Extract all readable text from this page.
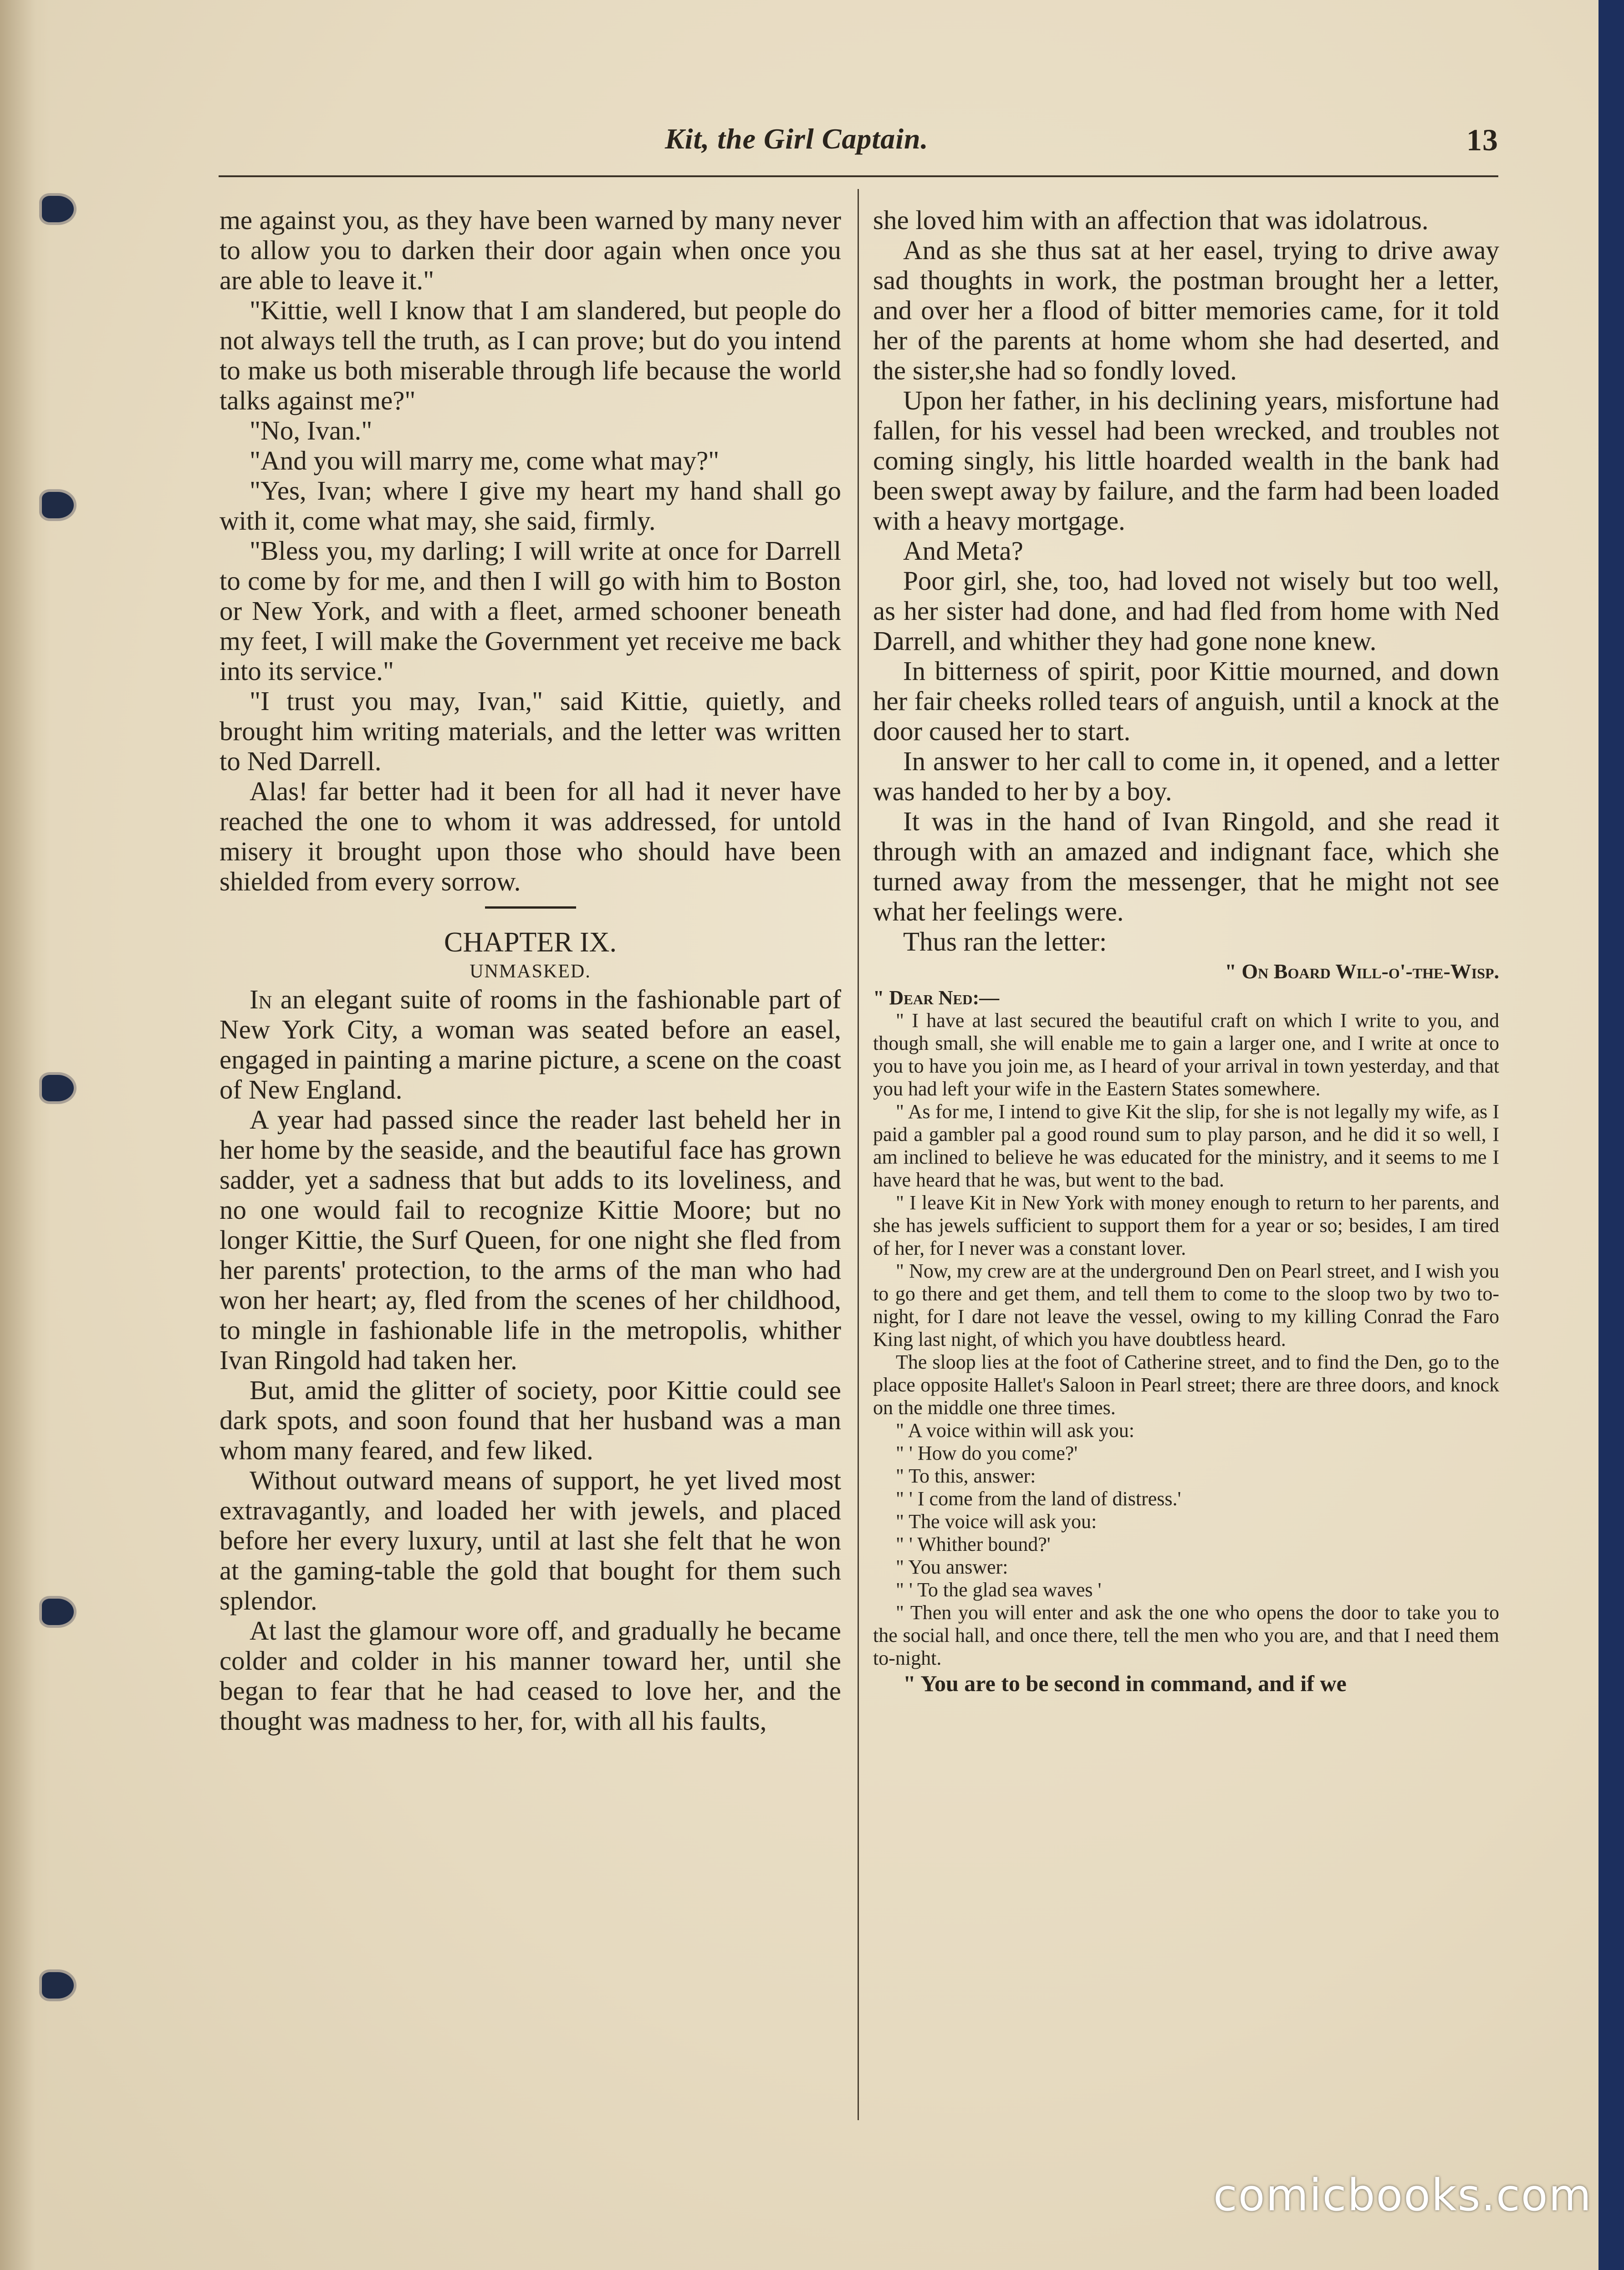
Kit, the Girl Captain.	13

me against you, as they have been warned by many never to allow you to darken their door again when once you are able to leave it."

"Kittie, well I know that I am slandered, but people do not always tell the truth, as I can prove; but do you intend to make us both miserable through life because the world talks against me?"

"No, Ivan."

"And you will marry me, come what may?"

"Yes, Ivan; where I give my heart my hand shall go with it, come what may, she said, firmly.

"Bless you, my darling; I will write at once for Darrell to come by for me, and then I will go with him to Boston or New York, and with a fleet, armed schooner beneath my feet, I will make the Government yet receive me back into its service."

"I trust you may, Ivan," said Kittie, quietly, and brought him writing materials, and the letter was written to Ned Darrell.

Alas! far better had it been for all had it never have reached the one to whom it was addressed, for untold misery it brought upon those who should have been shielded from every sorrow.

CHAPTER IX.

UNMASKED.

In an elegant suite of rooms in the fashionable part of New York City, a woman was seated before an easel, engaged in painting a marine picture, a scene on the coast of New England.

A year had passed since the reader last beheld her in her home by the seaside, and the beautiful face has grown sadder, yet a sadness that but adds to its loveliness, and no one would fail to recognize Kittie Moore; but no longer Kittie, the Surf Queen, for one night she fled from her parents' protection, to the arms of the man who had won her heart; ay, fled from the scenes of her childhood, to mingle in fashionable life in the metropolis, whither Ivan Ringold had taken her.

But, amid the glitter of society, poor Kittie could see dark spots, and soon found that her husband was a man whom many feared, and few liked.

Without outward means of support, he yet lived most extravagantly, and loaded her with jewels, and placed before her every luxury, until at last she felt that he won at the gaming-table the gold that bought for them such splendor.

At last the glamour wore off, and gradually he became colder and colder in his manner toward her, until she began to fear that he had ceased to love her, and the thought was madness to her, for, with all his faults,

she loved him with an affection that was idolatrous.

And as she thus sat at her easel, trying to drive away sad thoughts in work, the postman brought her a letter, and over her a flood of bitter memories came, for it told her of the parents at home whom she had deserted, and the sister,she had so fondly loved.

Upon her father, in his declining years, misfortune had fallen, for his vessel had been wrecked, and troubles not coming singly, his little hoarded wealth in the bank had been swept away by failure, and the farm had been loaded with a heavy mortgage.

And Meta?

Poor girl, she, too, had loved not wisely but too well, as her sister had done, and had fled from home with Ned Darrell, and whither they had gone none knew.

In bitterness of spirit, poor Kittie mourned, and down her fair cheeks rolled tears of anguish, until a knock at the door caused her to start.

In answer to her call to come in, it opened, and a letter was handed to her by a boy.

It was in the hand of Ivan Ringold, and she read it through with an amazed and indignant face, which she turned away from the messenger, that he might not see what her feelings were.

Thus ran the letter:

" On Board Will-o'-the-Wisp.

" Dear Ned:—

" I have at last secured the beautiful craft on which I write to you, and though small, she will enable me to gain a larger one, and I write at once to you to have you join me, as I heard of your arrival in town yesterday, and that you had left your wife in the Eastern States somewhere.

" As for me, I intend to give Kit the slip, for she is not legally my wife, as I paid a gambler pal a good round sum to play parson, and he did it so well, I am inclined to believe he was educated for the ministry, and it seems to me I have heard that he was, but went to the bad.

" I leave Kit in New York with money enough to return to her parents, and she has jewels sufficient to support them for a year or so; besides, I am tired of her, for I never was a constant lover.

" Now, my crew are at the underground Den on Pearl street, and I wish you to go there and get them, and tell them to come to the sloop two by two to-night, for I dare not leave the vessel, owing to my killing Conrad the Faro King last night, of which you have doubtless heard.

The sloop lies at the foot of Catherine street, and to find the Den, go to the place opposite Hallet's Saloon in Pearl street; there are three doors, and knock on the middle one three times.

" A voice within will ask you:

" ' How do you come?'

" To this, answer:

" ' I come from the land of distress.'

" The voice will ask you:

" ' Whither bound?'

" You answer:

" ' To the glad sea waves '

" Then you will enter and ask the one who opens the door to take you to the social hall, and once there, tell the men who you are, and that I need them to-night.

" You are to be second in command, and if we

comicbooks.com
